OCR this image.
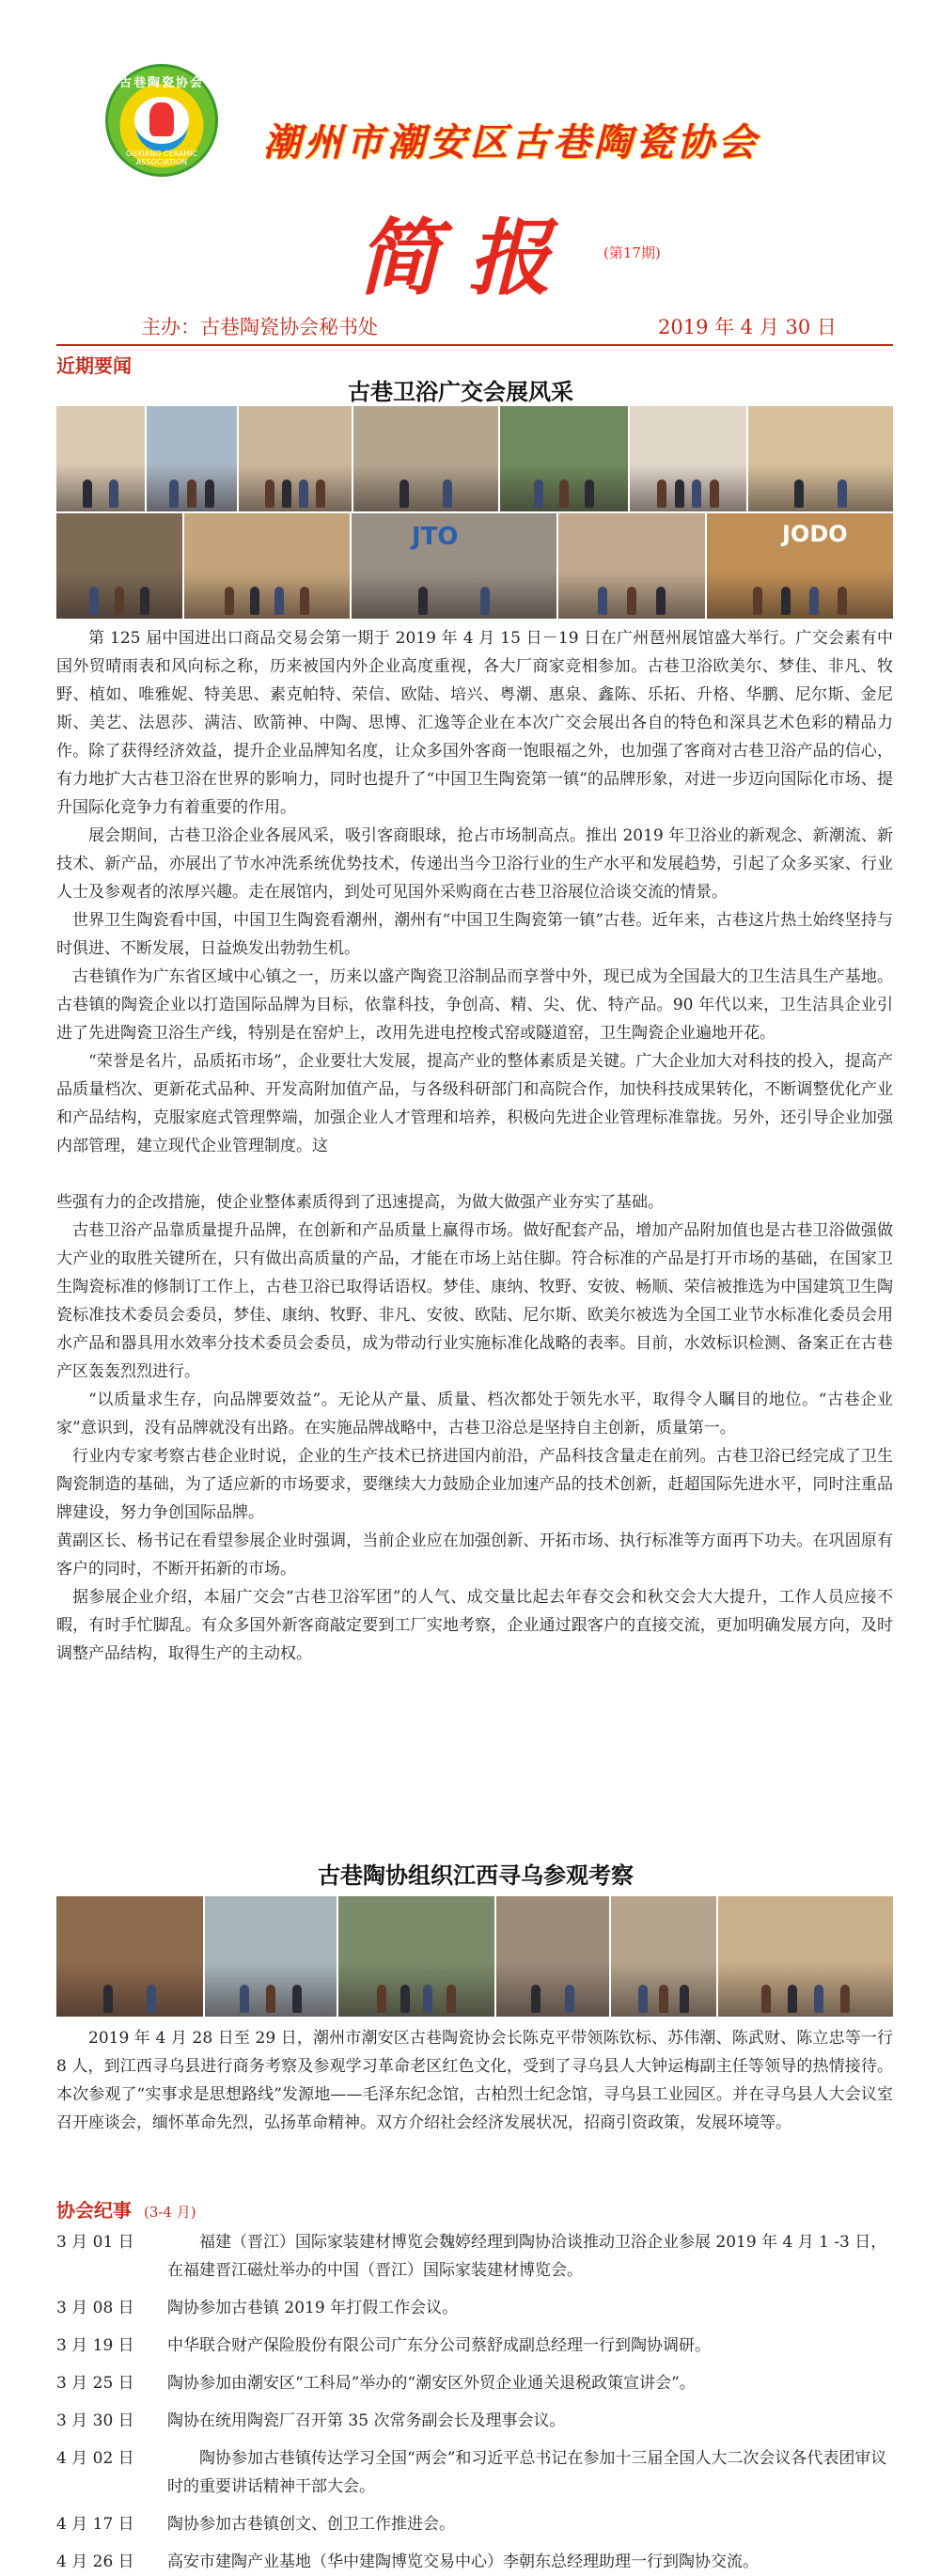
古巷陶瓷协会
GUXIANG CERAMIC ASSOCIATION	潮州市潮安区古巷陶瓷协会
简报 (第17期)
主办：古巷陶瓷协会秘书处	2019 年 4 月 30 日
近期要闻
古巷卫浴广交会展风采
JTO	JODO

第 125 届中国进出口商品交易会第一期于 2019 年 4 月 15 日－19 日在广州琶州展馆盛大举行。广交会素有中国外贸晴雨表和风向标之称，历来被国内外企业高度重视，各大厂商家竞相参加。古巷卫浴欧美尔、梦佳、非凡、牧野、植如、唯雅妮、特美思、素克帕特、荣信、欧陆、培兴、粤潮、惠泉、鑫陈、乐拓、升格、华鹏、尼尔斯、金尼斯、美艺、法恩莎、满洁、欧箭神、中陶、思博、汇逸等企业在本次广交会展出各自的特色和深具艺术色彩的精品力作。除了获得经济效益，提升企业品牌知名度，让众多国外客商一饱眼福之外，也加强了客商对古巷卫浴产品的信心，有力地扩大古巷卫浴在世界的影响力，同时也提升了“中国卫生陶瓷第一镇”的品牌形象，对进一步迈向国际化市场、提升国际化竞争力有着重要的作用。

展会期间，古巷卫浴企业各展风采，吸引客商眼球，抢占市场制高点。推出 2019 年卫浴业的新观念、新潮流、新技术、新产品，亦展出了节水冲洗系统优势技术，传递出当今卫浴行业的生产水平和发展趋势，引起了众多买家、行业人士及参观者的浓厚兴趣。走在展馆内，到处可见国外采购商在古巷卫浴展位洽谈交流的情景。

世界卫生陶瓷看中国，中国卫生陶瓷看潮州，潮州有“中国卫生陶瓷第一镇”古巷。近年来，古巷这片热土始终坚持与时俱进、不断发展，日益焕发出勃勃生机。

古巷镇作为广东省区域中心镇之一，历来以盛产陶瓷卫浴制品而享誉中外，现已成为全国最大的卫生洁具生产基地。古巷镇的陶瓷企业以打造国际品牌为目标，依靠科技，争创高、精、尖、优、特产品。90 年代以来，卫生洁具企业引进了先进陶瓷卫浴生产线，特别是在窑炉上，改用先进电控梭式窑或隧道窑，卫生陶瓷企业遍地开花。

“荣誉是名片，品质拓市场”，企业要壮大发展，提高产业的整体素质是关键。广大企业加大对科技的投入，提高产品质量档次、更新花式品种、开发高附加值产品，与各级科研部门和高院合作，加快科技成果转化，不断调整优化产业和产品结构，克服家庭式管理弊端，加强企业人才管理和培养，积极向先进企业管理标准靠拢。另外，还引导企业加强内部管理，建立现代企业管理制度。这

些强有力的企改措施，使企业整体素质得到了迅速提高，为做大做强产业夯实了基础。

古巷卫浴产品靠质量提升品牌，在创新和产品质量上赢得市场。做好配套产品，增加产品附加值也是古巷卫浴做强做大产业的取胜关键所在，只有做出高质量的产品，才能在市场上站住脚。符合标准的产品是打开市场的基础，在国家卫生陶瓷标准的修制订工作上，古巷卫浴已取得话语权。梦佳、康纳、牧野、安彼、畅顺、荣信被推选为中国建筑卫生陶瓷标准技术委员会委员，梦佳、康纳、牧野、非凡、安彼、欧陆、尼尔斯、欧美尔被选为全国工业节水标准化委员会用水产品和器具用水效率分技术委员会委员，成为带动行业实施标准化战略的表率。目前，水效标识检测、备案正在古巷产区轰轰烈烈进行。

“以质量求生存，向品牌要效益”。无论从产量、质量、档次都处于领先水平，取得令人瞩目的地位。“古巷企业家”意识到，没有品牌就没有出路。在实施品牌战略中，古巷卫浴总是坚持自主创新，质量第一。

行业内专家考察古巷企业时说，企业的生产技术已挤进国内前沿，产品科技含量走在前列。古巷卫浴已经完成了卫生陶瓷制造的基础，为了适应新的市场要求，要继续大力鼓励企业加速产品的技术创新，赶超国际先进水平，同时注重品牌建设，努力争创国际品牌。

黄副区长、杨书记在看望参展企业时强调，当前企业应在加强创新、开拓市场、执行标准等方面再下功夫。在巩固原有客户的同时，不断开拓新的市场。

据参展企业介绍，本届广交会“古巷卫浴军团”的人气、成交量比起去年春交会和秋交会大大提升，工作人员应接不暇，有时手忙脚乱。有众多国外新客商敲定要到工厂实地考察，企业通过跟客户的直接交流，更加明确发展方向，及时调整产品结构，取得生产的主动权。

古巷陶协组织江西寻乌参观考察

2019 年 4 月 28 日至 29 日，潮州市潮安区古巷陶瓷协会长陈克平带领陈钦标、苏伟潮、陈武财、陈立忠等一行 8 人，到江西寻乌县进行商务考察及参观学习革命老区红色文化，受到了寻乌县人大钟运梅副主任等领导的热情接待。本次参观了“实事求是思想路线”发源地——毛泽东纪念馆，古柏烈士纪念馆，寻乌县工业园区。并在寻乌县人大会议室召开座谈会，缅怀革命先烈，弘扬革命精神。双方介绍社会经济发展状况，招商引资政策，发展环境等。

协会纪事 (3-4 月)
3 月 01 日	福建（晋江）国际家装建材博览会魏婷经理到陶协洽谈推动卫浴企业参展 2019 年 4 月 1 -3 日，在福建晋江磁灶举办的中国（晋江）国际家装建材博览会。
3 月 08 日	陶协参加古巷镇 2019 年打假工作会议。
3 月 19 日	中华联合财产保险股份有限公司广东分公司蔡舒成副总经理一行到陶协调研。
3 月 25 日	陶协参加由潮安区“工科局”举办的“潮安区外贸企业通关退税政策宣讲会”。
3 月 30 日	陶协在统用陶瓷厂召开第 35 次常务副会长及理事会议。
4 月 02 日	陶协参加古巷镇传达学习全国“两会”和习近平总书记在参加十三届全国人大二次会议各代表团审议时的重要讲话精神干部大会。
4 月 17 日	陶协参加古巷镇创文、创卫工作推进会。
4 月 26 日	高安市建陶产业基地（华中建陶博览交易中心）李朝东总经理助理一行到陶协交流。
